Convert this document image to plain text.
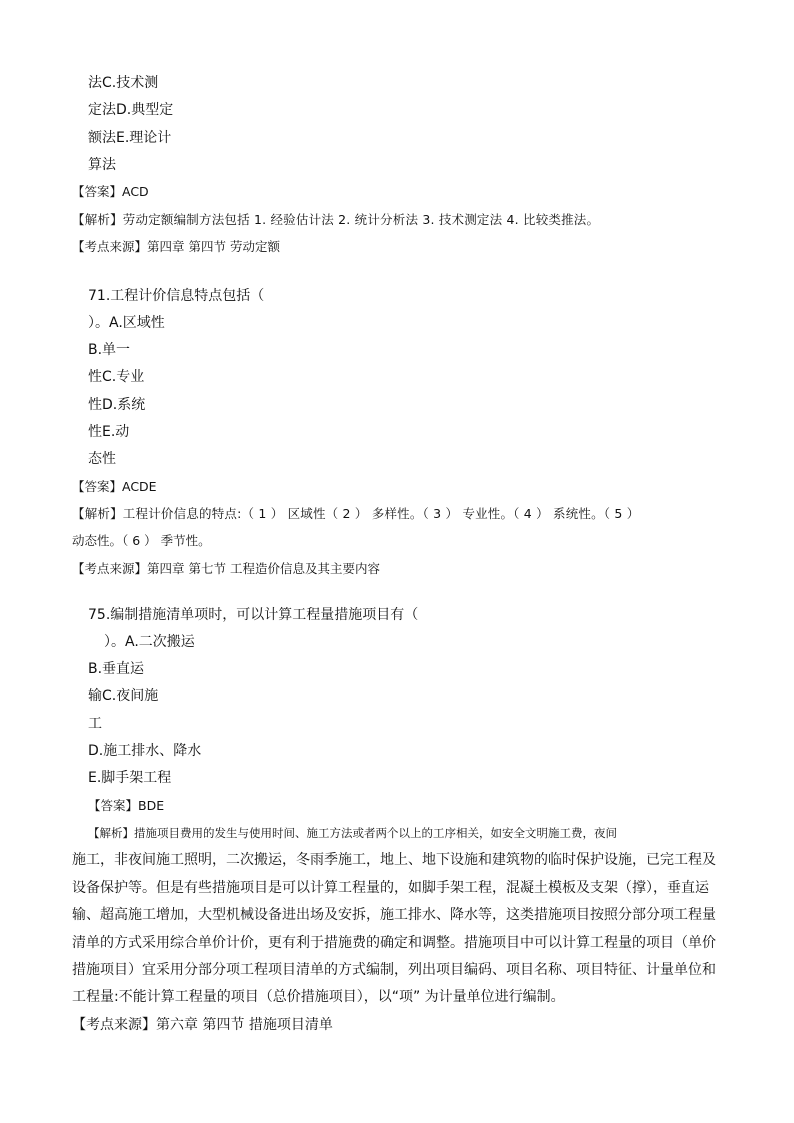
法C.技术测
定法D.典型定
额法E.理论计
算法
【答案】ACD
【解析】劳动定额编制方法包括 1. 经验估计法 2. 统计分析法 3. 技术测定法 4. 比较类推法。
【考点来源】第四章 第四节 劳动定额
71.工程计价信息特点包括（
）。A.区域性
B.单一
性C.专业
性D.系统
性E.动
态性
【答案】ACDE
【解析】工程计价信息的特点:（ 1 ） 区域性（ 2 ） 多样性。（ 3 ） 专业性。（ 4 ） 系统性。（ 5 ）
动态性。（ 6 ） 季节性。
【考点来源】第四章 第七节 工程造价信息及其主要内容
75.编制措施清单项时，可以计算工程量措施项目有（
）。A.二次搬运
B.垂直运
输C.夜间施
工
D.施工排水、降水
E.脚手架工程
【答案】BDE
【解析】措施项目费用的发生与使用时间、施工方法或者两个以上的工序相关，如安全文明施工费，夜间
施工，非夜间施工照明，二次搬运，冬雨季施工，地上、地下设施和建筑物的临时保护设施，已完工程及
设备保护等。但是有些措施项目是可以计算工程量的，如脚手架工程，混凝土模板及支架（撑），垂直运
输、超高施工增加，大型机械设备进出场及安拆，施工排水、降水等，这类措施项目按照分部分项工程量
清单的方式采用综合单价计价，更有利于措施费的确定和调整。措施项目中可以计算工程量的项目（单价
措施项目）宜采用分部分项工程项目清单的方式编制，列出项目编码、项目名称、项目特征、计量单位和
工程量:不能计算工程量的项目（总价措施项目），以“项” 为计量单位进行编制。
【考点来源】第六章 第四节 措施项目清单
